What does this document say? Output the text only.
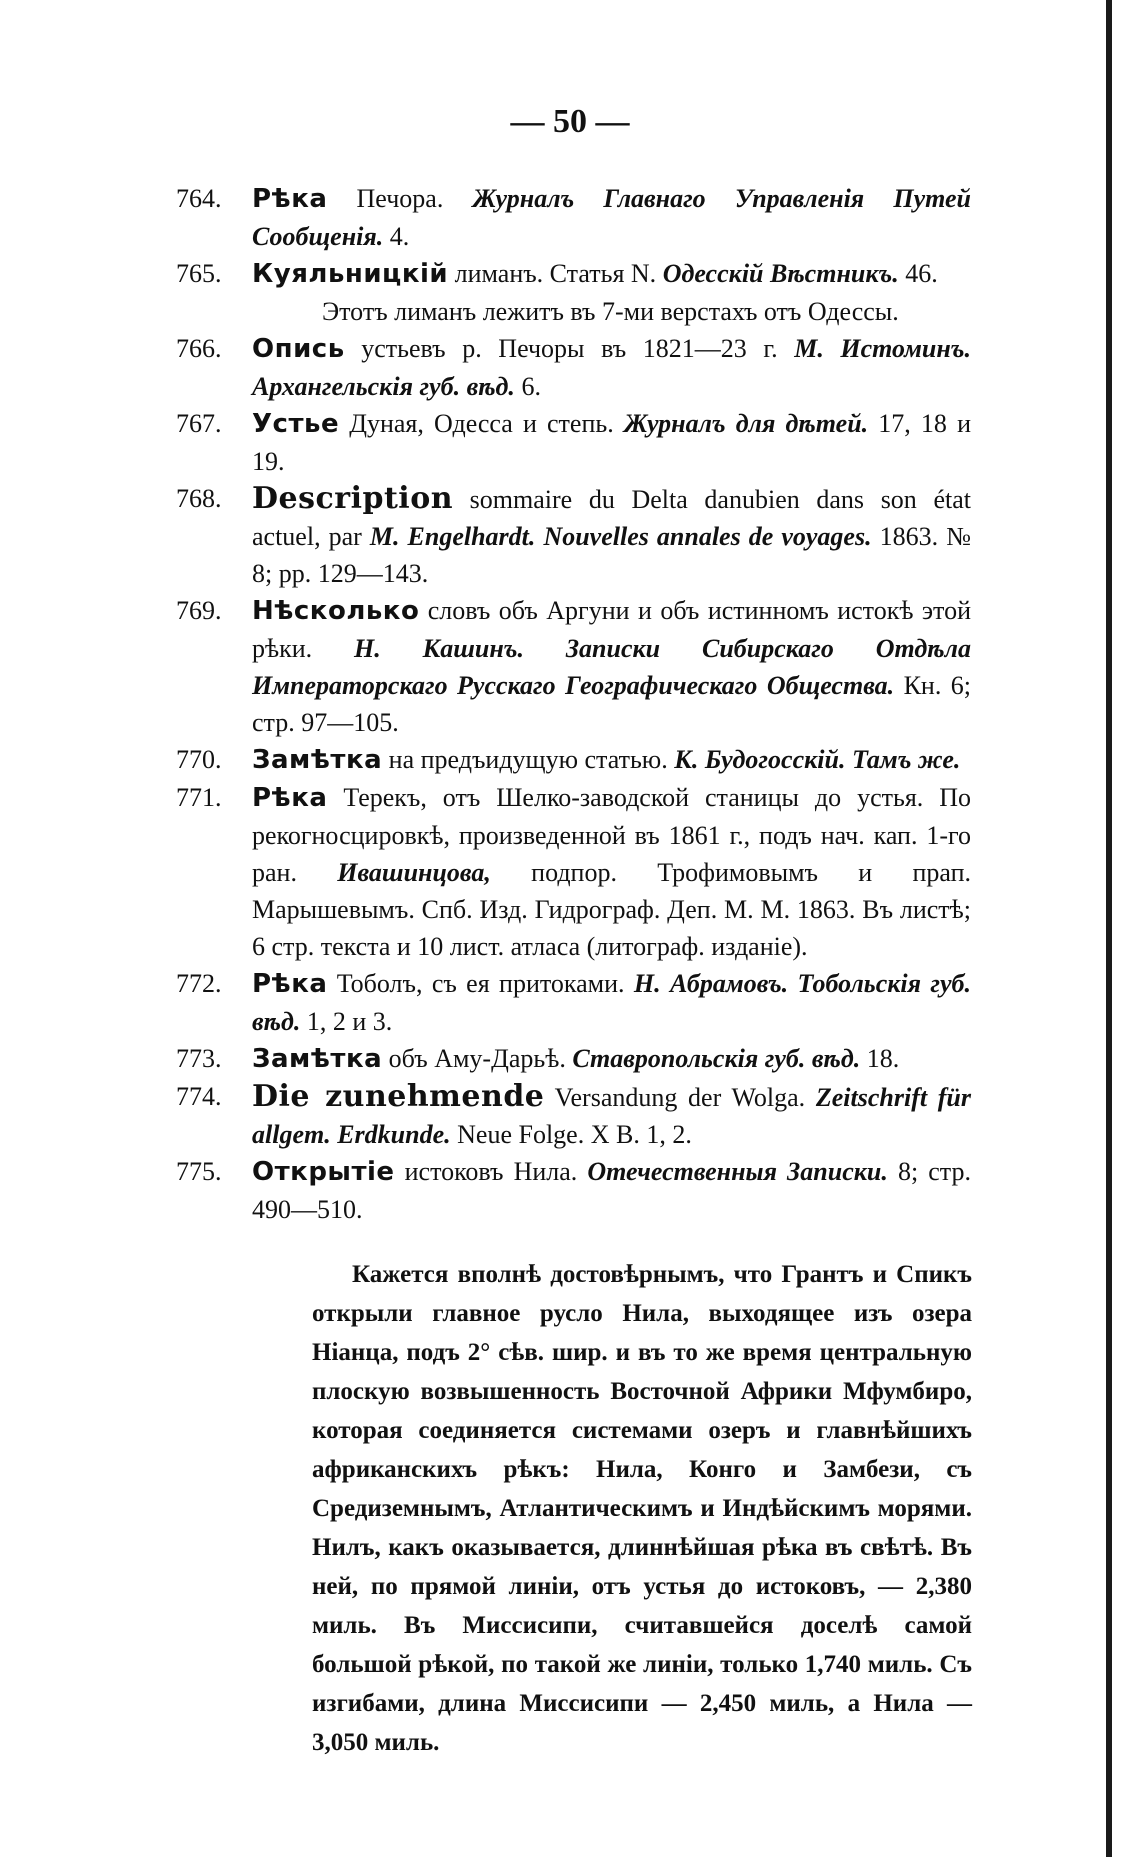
— 50 —
764. Рѣка Печора. Журналъ Главнаго Управленія Путей Сообщенія. 4.
765. Куяльницкій лиманъ. Статья N. Одесскій Вѣстникъ. 46.
Этотъ лиманъ лежитъ въ 7-ми верстахъ отъ Одессы.
766. Опись устьевъ р. Печоры въ 1821—23 г. М. Истоминъ. Архангельскія губ. вѣд. 6.
767. Устье Дуная, Одесса и степь. Журналъ для дѣтей. 17, 18 и 19.
768. Description sommaire du Delta danubien dans son état actuel, par M. Engelhardt. Nouvelles annales de voyages. 1863. № 8; pp. 129—143.
769. Нѣсколько словъ объ Аргуни и объ истинномъ истокѣ этой рѣки. Н. Кашинъ. Записки Сибирскаго Отдѣла Императорскаго Русскаго Географическаго Общества. Кн. 6; стр. 97—105.
770. Замѣтка на предъидущую статью. К. Будогосскій. Тамъ же.
771. Рѣка Терекъ, отъ Шелко-заводской станицы до устья. По рекогносцировкѣ, произведенной въ 1861 г., подъ нач. кап. 1-го ран. Ивашинцова, подпор. Трофимовымъ и прап. Марышевымъ. Спб. Изд. Гидрограф. Деп. М. М. 1863. Въ листѣ; 6 стр. текста и 10 лист. атласа (литограф. изданіе).
772. Рѣка Тоболъ, съ ея притоками. Н. Абрамовъ. Тобольскія губ. вѣд. 1, 2 и 3.
773. Замѣтка объ Аму-Дарьѣ. Ставропольскія губ. вѣд. 18.
774. Die zunehmende Versandung der Wolga. Zeitschrift für allgem. Erdkunde. Neue Folge. X B. 1, 2.
775. Открытіе истоковъ Нила. Отечественныя Записки. 8; стр. 490—510.
Кажется вполнѣ достовѣрнымъ, что Грантъ и Спикъ открыли главное русло Нила, выходящее изъ озера Ніанца, подъ 2° сѣв. шир. и въ то же время центральную плоскую возвышенность Восточной Африки Мфумбиро, которая соединяется системами озеръ и главнѣйшихъ африканскихъ рѣкъ: Нила, Конго и Замбези, съ Средиземнымъ, Атлантическимъ и Индѣйскимъ морями. Нилъ, какъ оказывается, длиннѣйшая рѣка въ свѣтѣ. Въ ней, по прямой линіи, отъ устья до истоковъ, — 2,380 миль. Въ Миссисипи, считавшейся доселѣ самой большой рѣкой, по такой же линіи, только 1,740 миль. Съ изгибами, длина Миссисипи — 2,450 миль, а Нила — 3,050 миль.
